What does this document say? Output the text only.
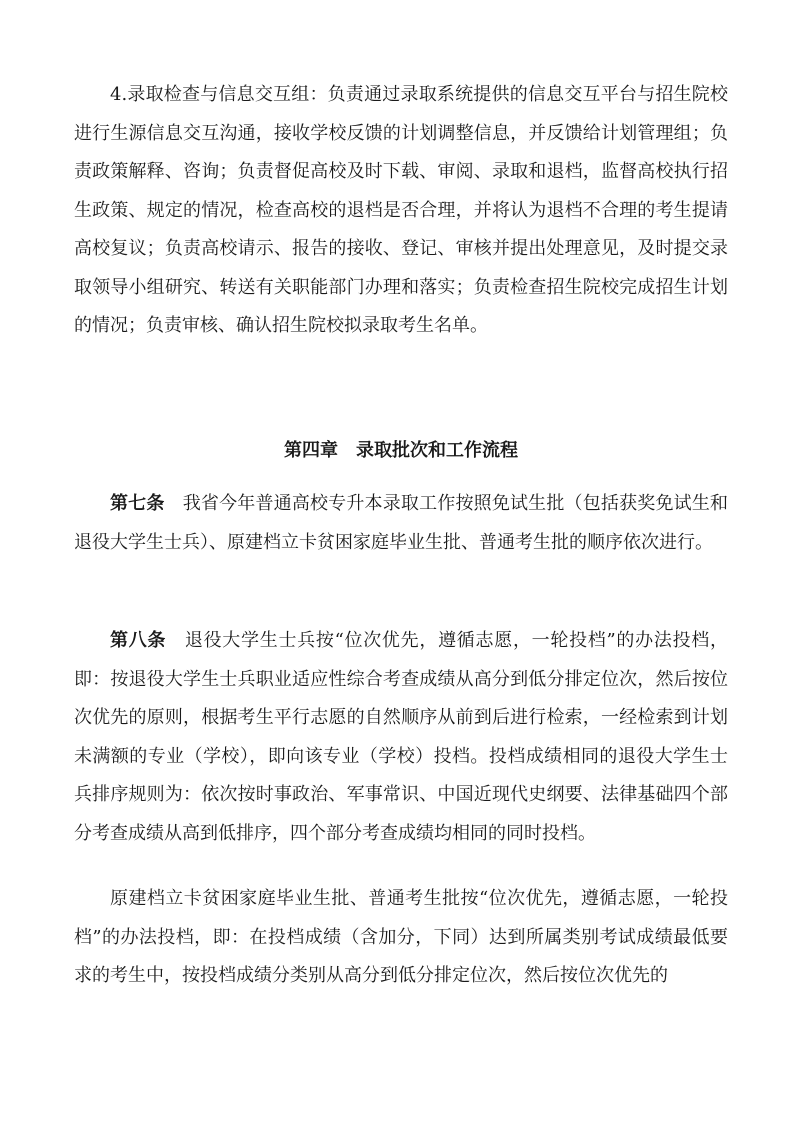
4.录取检查与信息交互组：负责通过录取系统提供的信息交互平台与招生院校进行生源信息交互沟通，接收学校反馈的计划调整信息，并反馈给计划管理组；负责政策解释、咨询；负责督促高校及时下载、审阅、录取和退档，监督高校执行招生政策、规定的情况，检查高校的退档是否合理，并将认为退档不合理的考生提请高校复议；负责高校请示、报告的接收、登记、审核并提出处理意见，及时提交录取领导小组研究、转送有关职能部门办理和落实；负责检查招生院校完成招生计划的情况；负责审核、确认招生院校拟录取考生名单。

第四章　录取批次和工作流程

第七条　我省今年普通高校专升本录取工作按照免试生批（包括获奖免试生和退役大学生士兵）、原建档立卡贫困家庭毕业生批、普通考生批的顺序依次进行。

第八条　退役大学生士兵按“位次优先，遵循志愿，一轮投档”的办法投档，即：按退役大学生士兵职业适应性综合考查成绩从高分到低分排定位次，然后按位次优先的原则，根据考生平行志愿的自然顺序从前到后进行检索，一经检索到计划未满额的专业（学校），即向该专业（学校）投档。投档成绩相同的退役大学生士兵排序规则为：依次按时事政治、军事常识、中国近现代史纲要、法律基础四个部分考查成绩从高到低排序，四个部分考查成绩均相同的同时投档。

原建档立卡贫困家庭毕业生批、普通考生批按“位次优先，遵循志愿，一轮投档”的办法投档，即：在投档成绩（含加分，下同）达到所属类别考试成绩最低要求的考生中，按投档成绩分类别从高分到低分排定位次，然后按位次优先的
